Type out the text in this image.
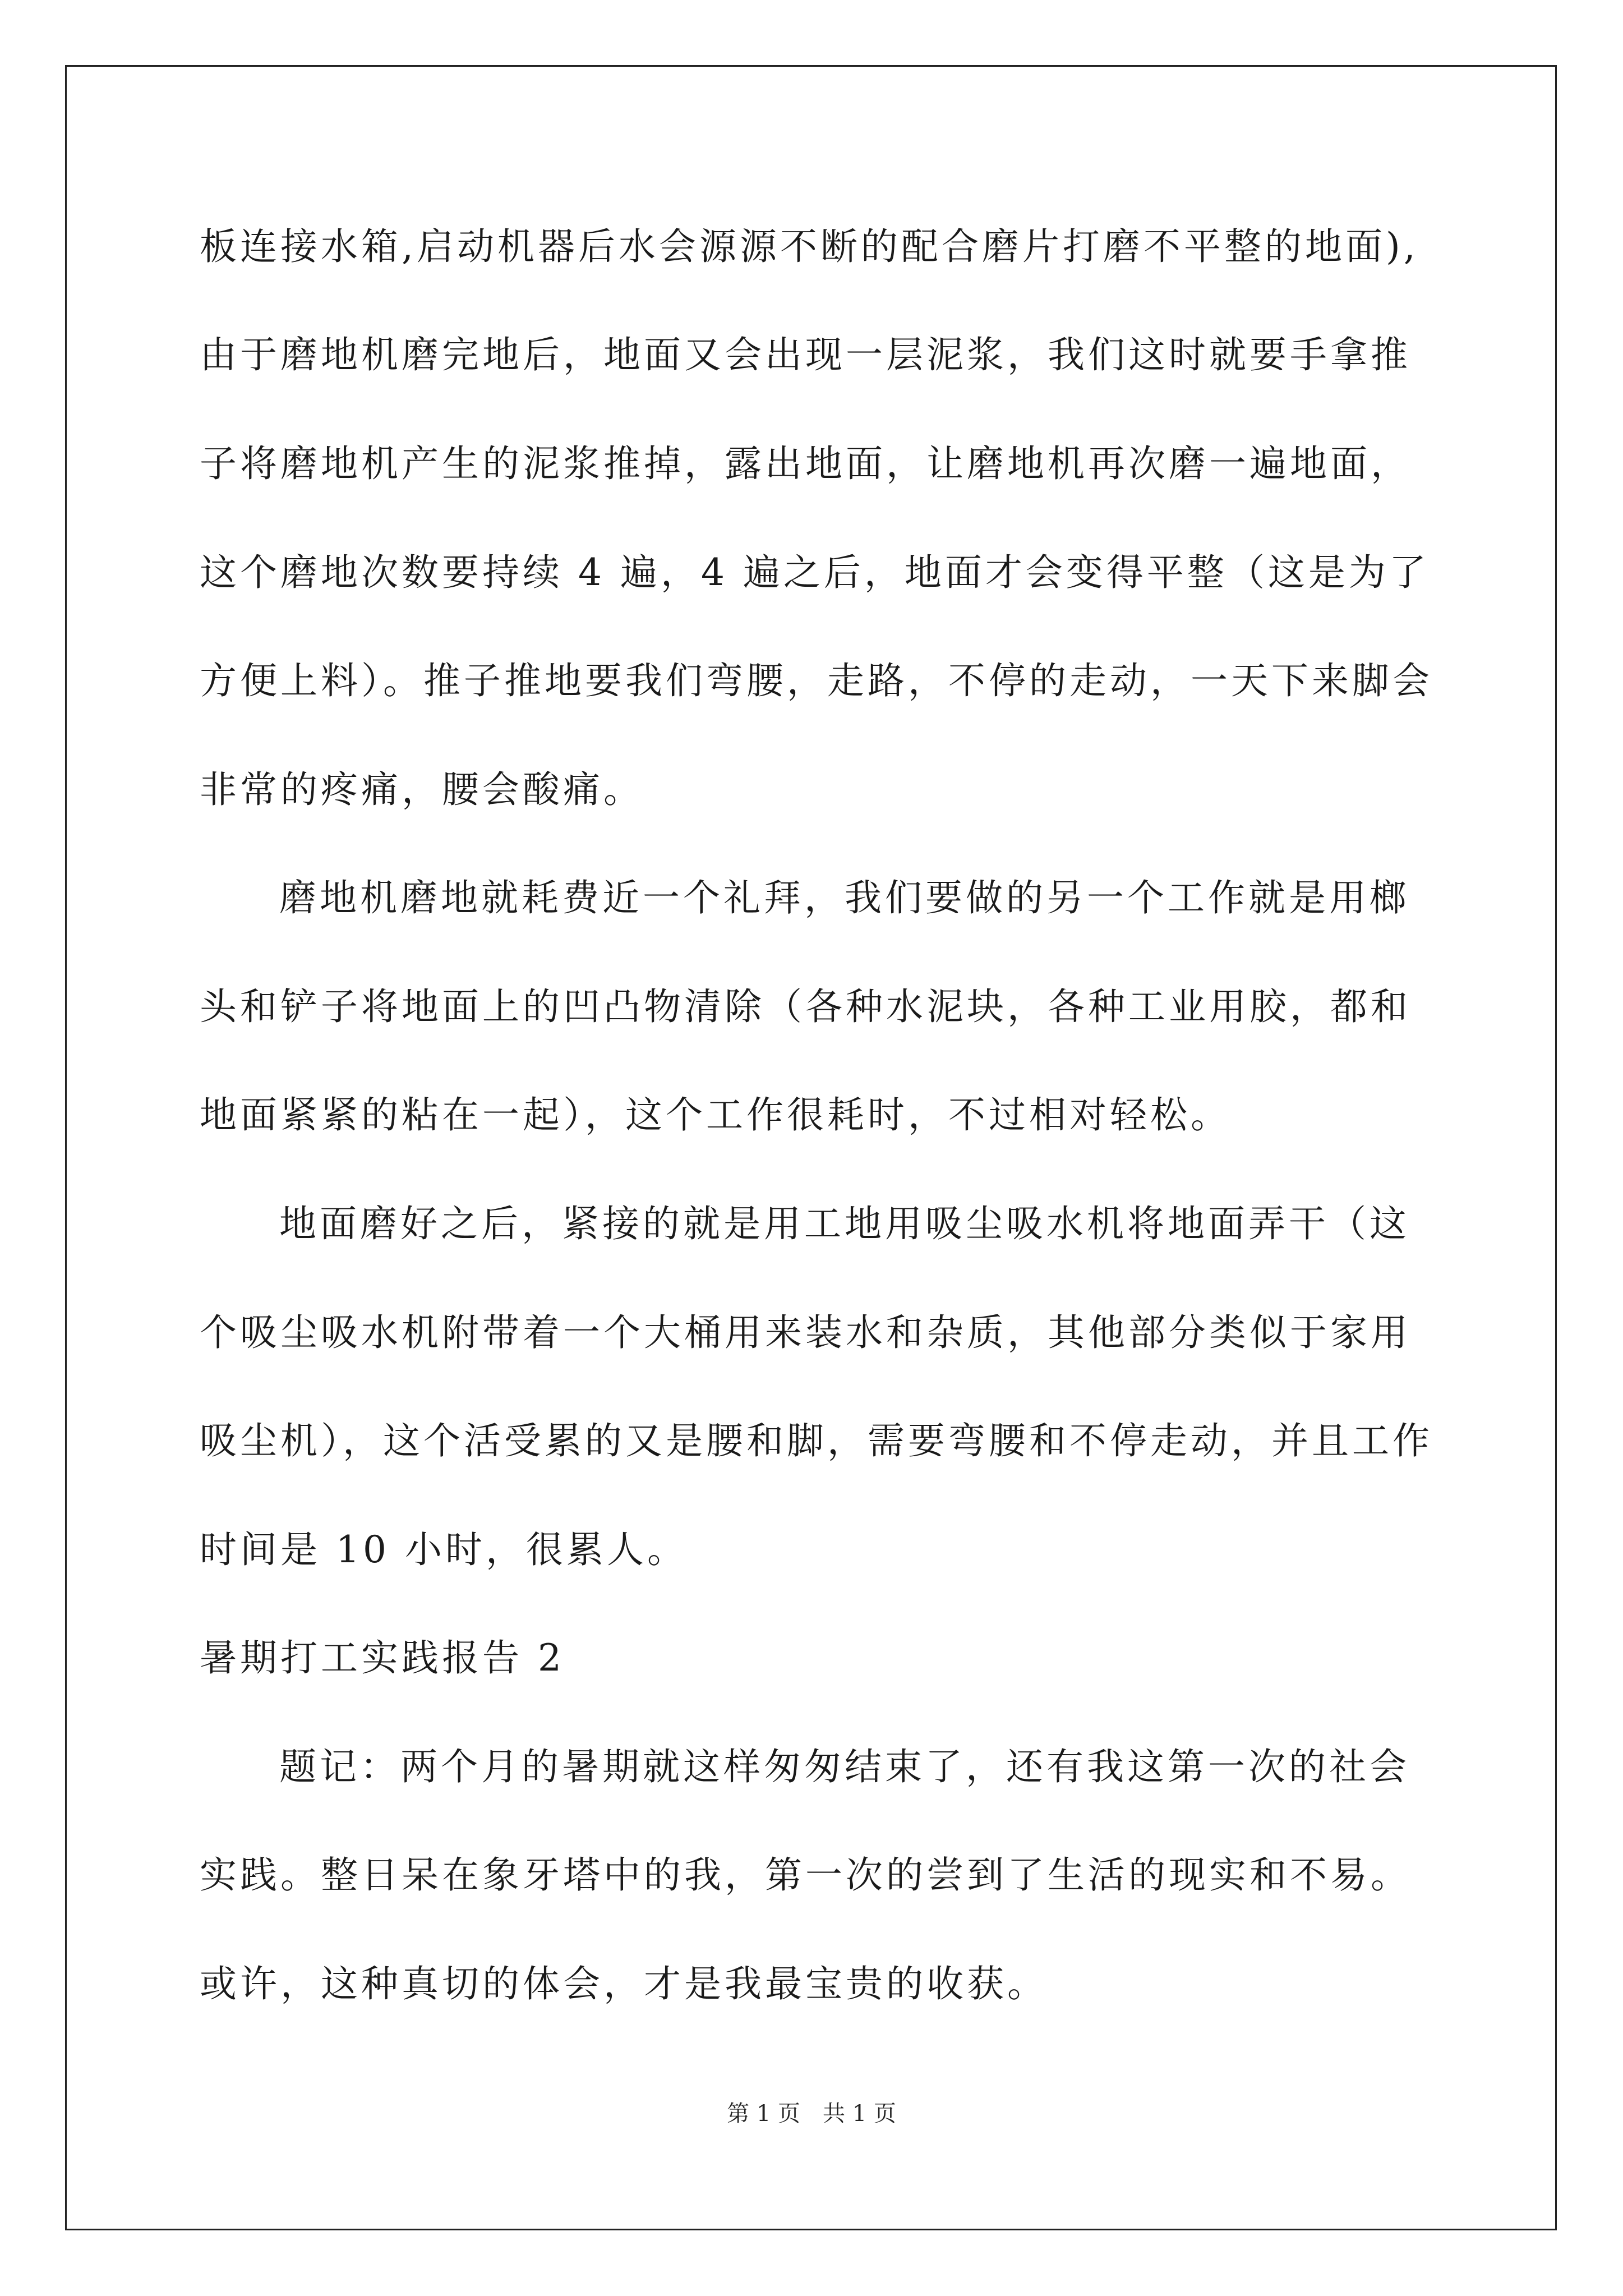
板连接水箱,启动机器后水会源源不断的配合磨片打磨不平整的地面),
由于磨地机磨完地后，地面又会出现一层泥浆，我们这时就要手拿推
子将磨地机产生的泥浆推掉，露出地面，让磨地机再次磨一遍地面，
这个磨地次数要持续 4 遍，4 遍之后，地面才会变得平整（这是为了
方便上料）。推子推地要我们弯腰，走路，不停的走动，一天下来脚会
非常的疼痛，腰会酸痛。
磨地机磨地就耗费近一个礼拜，我们要做的另一个工作就是用榔
头和铲子将地面上的凹凸物清除（各种水泥块，各种工业用胶，都和
地面紧紧的粘在一起），这个工作很耗时，不过相对轻松。
地面磨好之后，紧接的就是用工地用吸尘吸水机将地面弄干（这
个吸尘吸水机附带着一个大桶用来装水和杂质，其他部分类似于家用
吸尘机），这个活受累的又是腰和脚，需要弯腰和不停走动，并且工作
时间是 10 小时，很累人。
暑期打工实践报告 2
题记：两个月的暑期就这样匆匆结束了，还有我这第一次的社会
实践。整日呆在象牙塔中的我，第一次的尝到了生活的现实和不易。
或许，这种真切的体会，才是我最宝贵的收获。
第 1 页　共 1 页
